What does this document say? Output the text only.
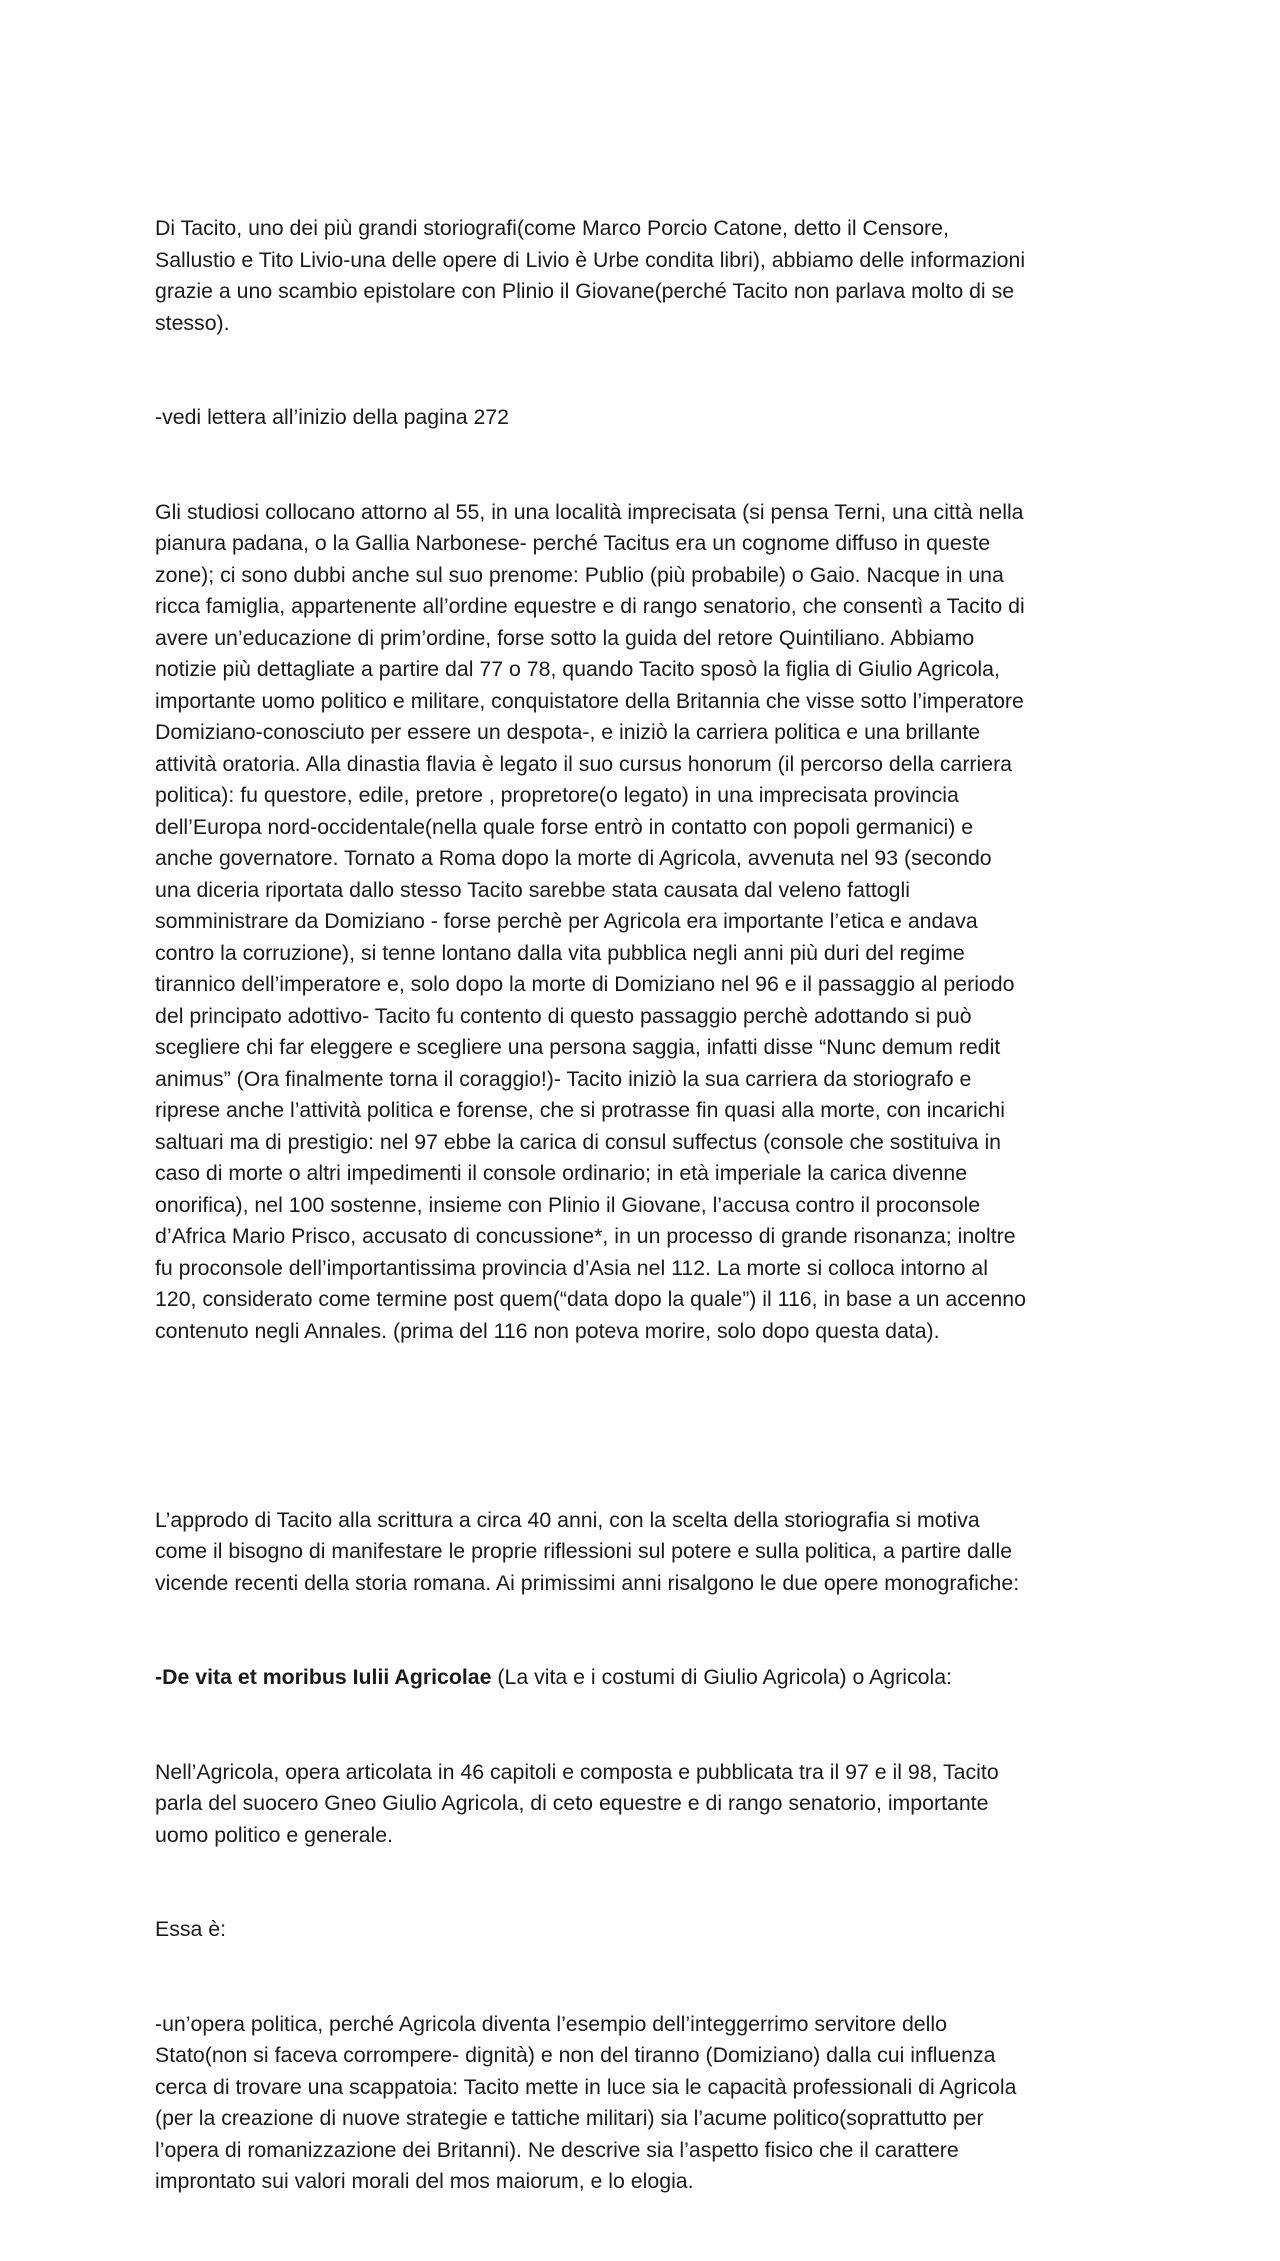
Di Tacito, uno dei più grandi storiografi(come Marco Porcio Catone, detto il Censore,
Sallustio e Tito Livio-una delle opere di Livio è Urbe condita libri), abbiamo delle informazioni
grazie a uno scambio epistolare con Plinio il Giovane(perché Tacito non parlava molto di se
stesso).

-vedi lettera all’inizio della pagina 272

Gli studiosi collocano attorno al 55, in una località imprecisata (si pensa Terni, una città nella
pianura padana, o la Gallia Narbonese- perché Tacitus era un cognome diffuso in queste
zone); ci sono dubbi anche sul suo prenome: Publio (più probabile) o Gaio. Nacque in una
ricca famiglia, appartenente all’ordine equestre e di rango senatorio, che consentì a Tacito di
avere un’educazione di prim’ordine, forse sotto la guida del retore Quintiliano. Abbiamo
notizie più dettagliate a partire dal 77 o 78, quando Tacito sposò la figlia di Giulio Agricola,
importante uomo politico e militare, conquistatore della Britannia che visse sotto l’imperatore
Domiziano-conosciuto per essere un despota-, e iniziò la carriera politica e una brillante
attività oratoria. Alla dinastia flavia è legato il suo cursus honorum (il percorso della carriera
politica): fu questore, edile, pretore , propretore(o legato) in una imprecisata provincia
dell’Europa nord-occidentale(nella quale forse entrò in contatto con popoli germanici) e
anche governatore. Tornato a Roma dopo la morte di Agricola, avvenuta nel 93 (secondo
una diceria riportata dallo stesso Tacito sarebbe stata causata dal veleno fattogli
somministrare da Domiziano - forse perchè per Agricola era importante l’etica e andava
contro la corruzione), si tenne lontano dalla vita pubblica negli anni più duri del regime
tirannico dell’imperatore e, solo dopo la morte di Domiziano nel 96 e il passaggio al periodo
del principato adottivo- Tacito fu contento di questo passaggio perchè adottando si può
scegliere chi far eleggere e scegliere una persona saggia, infatti disse “Nunc demum redit
animus” (Ora finalmente torna il coraggio!)- Tacito iniziò la sua carriera da storiografo e
riprese anche l’attività politica e forense, che si protrasse fin quasi alla morte, con incarichi
saltuari ma di prestigio: nel 97 ebbe la carica di consul suffectus (console che sostituiva in
caso di morte o altri impedimenti il console ordinario; in età imperiale la carica divenne
onorifica), nel 100 sostenne, insieme con Plinio il Giovane, l’accusa contro il proconsole
d’Africa Mario Prisco, accusato di concussione*, in un processo di grande risonanza; inoltre
fu proconsole dell’importantissima provincia d’Asia nel 112. La morte si colloca intorno al
120, considerato come termine post quem(“data dopo la quale”) il 116, in base a un accenno
contenuto negli Annales. (prima del 116 non poteva morire, solo dopo questa data).

L’approdo di Tacito alla scrittura a circa 40 anni, con la scelta della storiografia si motiva
come il bisogno di manifestare le proprie riflessioni sul potere e sulla politica, a partire dalle
vicende recenti della storia romana. Ai primissimi anni risalgono le due opere monografiche:

-De vita et moribus Iulii Agricolae (La vita e i costumi di Giulio Agricola) o Agricola:

Nell’Agricola, opera articolata in 46 capitoli e composta e pubblicata tra il 97 e il 98, Tacito
parla del suocero Gneo Giulio Agricola, di ceto equestre e di rango senatorio, importante
uomo politico e generale.

Essa è:

-un’opera politica, perché Agricola diventa l’esempio dell’integgerrimo servitore dello
Stato(non si faceva corrompere- dignità) e non del tiranno (Domiziano) dalla cui influenza
cerca di trovare una scappatoia: Tacito mette in luce sia le capacità professionali di Agricola
(per la creazione di nuove strategie e tattiche militari) sia l’acume politico(soprattutto per
l’opera di romanizzazione dei Britanni). Ne descrive sia l’aspetto fisico che il carattere
improntato sui valori morali del mos maiorum, e lo elogia.
